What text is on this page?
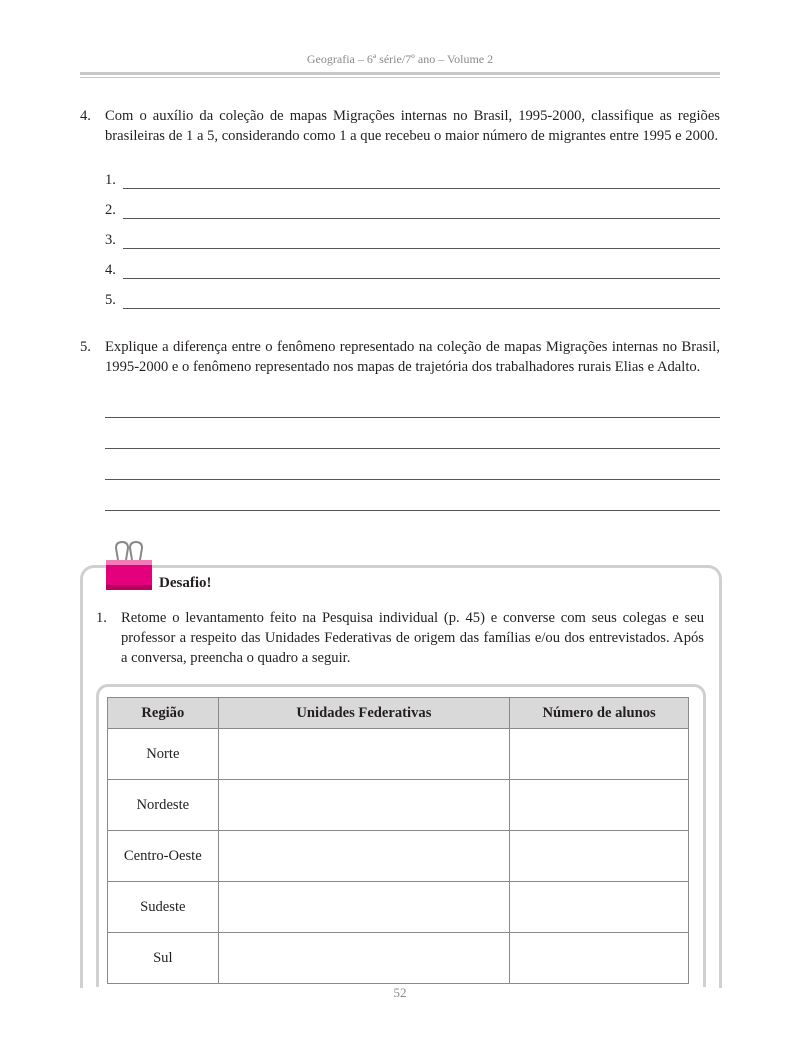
Geografia – 6ª série/7º ano – Volume 2
4. Com o auxílio da coleção de mapas Migrações internas no Brasil, 1995-2000, classifique as regiões brasileiras de 1 a 5, considerando como 1 a que recebeu o maior número de migrantes entre 1995 e 2000.
1.
2.
3.
4.
5.
5. Explique a diferença entre o fenômeno representado na coleção de mapas Migrações internas no Brasil, 1995-2000 e o fenômeno representado nos mapas de trajetória dos trabalhadores rurais Elias e Adalto.
Desafio!
1. Retome o levantamento feito na Pesquisa individual (p. 45) e converse com seus colegas e seu professor a respeito das Unidades Federativas de origem das famílias e/ou dos entrevistados. Após a conversa, preencha o quadro a seguir.
Região	Unidades Federativas	Número de alunos
Norte		
Nordeste		
Centro-Oeste		
Sudeste		
Sul		
52
